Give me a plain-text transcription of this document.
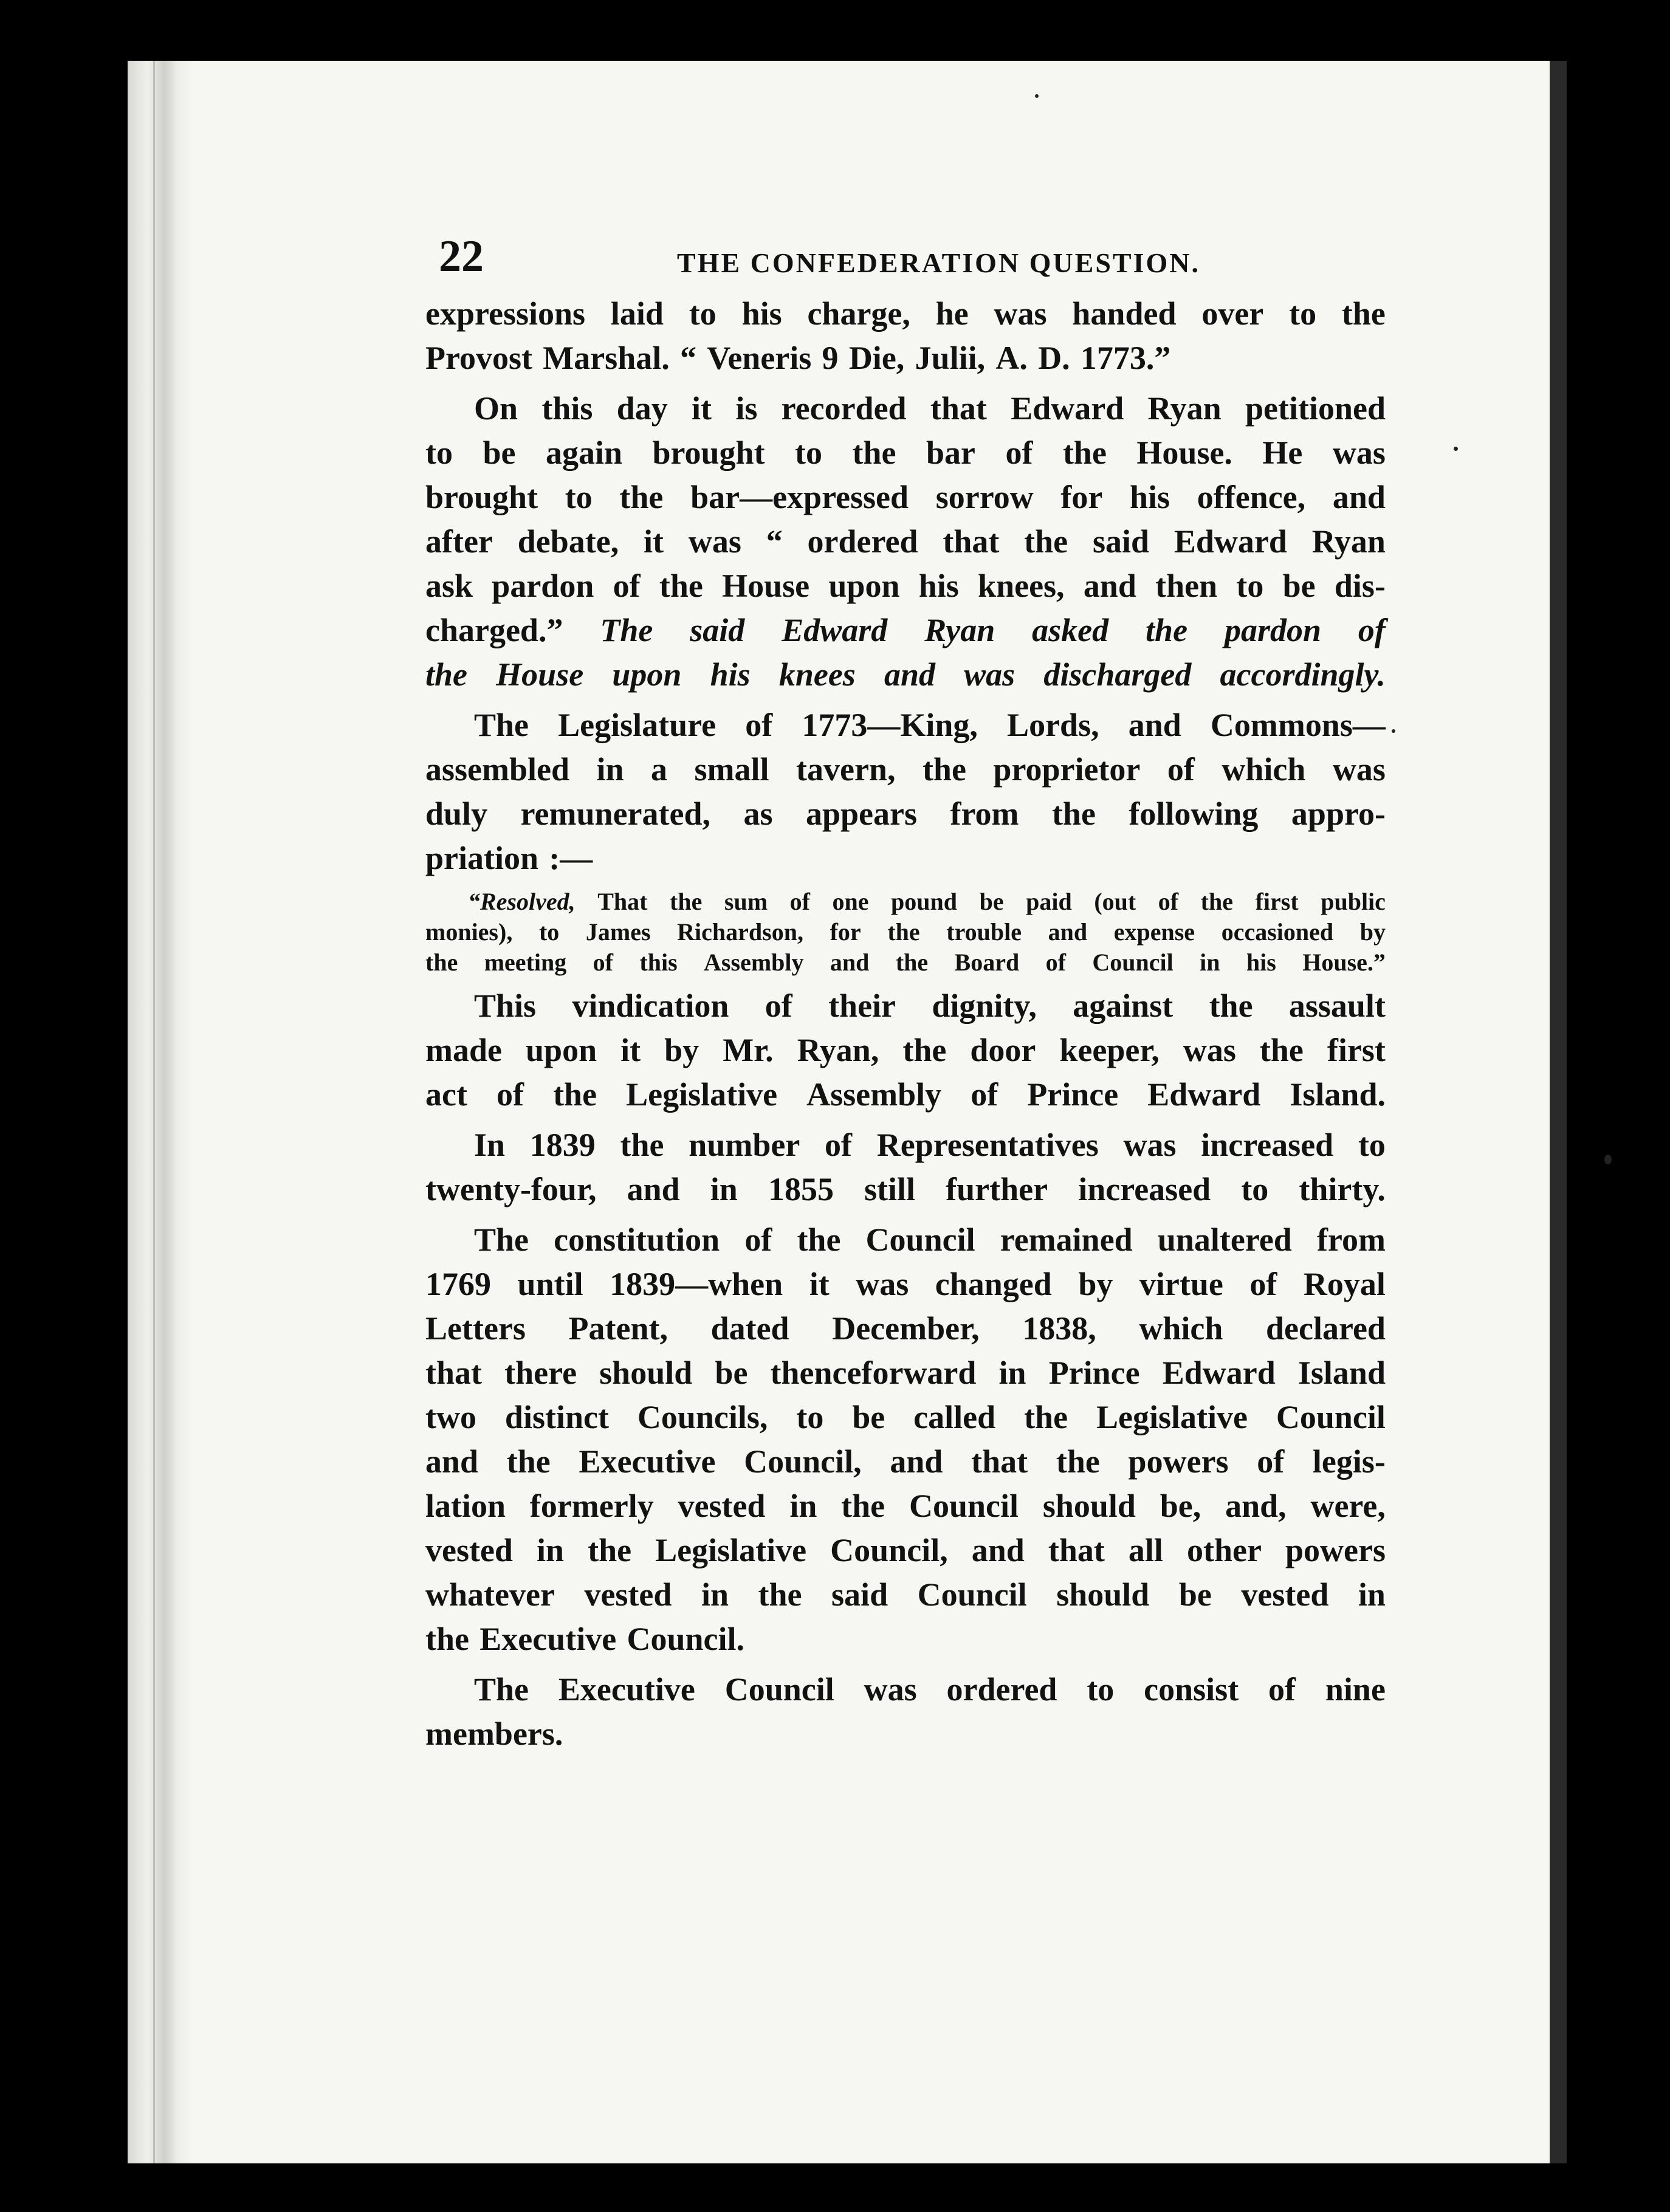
22	THE CONFEDERATION QUESTION.
expressions laid to his charge, he was handed over to the
Provost Marshal. “ Veneris 9 Die, Julii, A. D. 1773.”
On this day it is recorded that Edward Ryan petitioned
to be again brought to the bar of the House. He was
brought to the bar—expressed sorrow for his offence, and
after debate, it was “ ordered that the said Edward Ryan
ask pardon of the House upon his knees, and then to be dis-
charged.” The said Edward Ryan asked the pardon of
the House upon his knees and was discharged accordingly.
The Legislature of 1773—King, Lords, and Commons—
assembled in a small tavern, the proprietor of which was
duly remunerated, as appears from the following appro-
priation :—
“Resolved, That the sum of one pound be paid (out of the first public
monies), to James Richardson, for the trouble and expense occasioned by
the meeting of this Assembly and the Board of Council in his House.”
This vindication of their dignity, against the assault
made upon it by Mr. Ryan, the door keeper, was the first
act of the Legislative Assembly of Prince Edward Island.
In 1839 the number of Representatives was increased to
twenty-four, and in 1855 still further increased to thirty.
The constitution of the Council remained unaltered from
1769 until 1839—when it was changed by virtue of Royal
Letters Patent, dated December, 1838, which declared
that there should be thenceforward in Prince Edward Island
two distinct Councils, to be called the Legislative Council
and the Executive Council, and that the powers of legis-
lation formerly vested in the Council should be, and, were,
vested in the Legislative Council, and that all other powers
whatever vested in the said Council should be vested in
the Executive Council.
The Executive Council was ordered to consist of nine
members.
